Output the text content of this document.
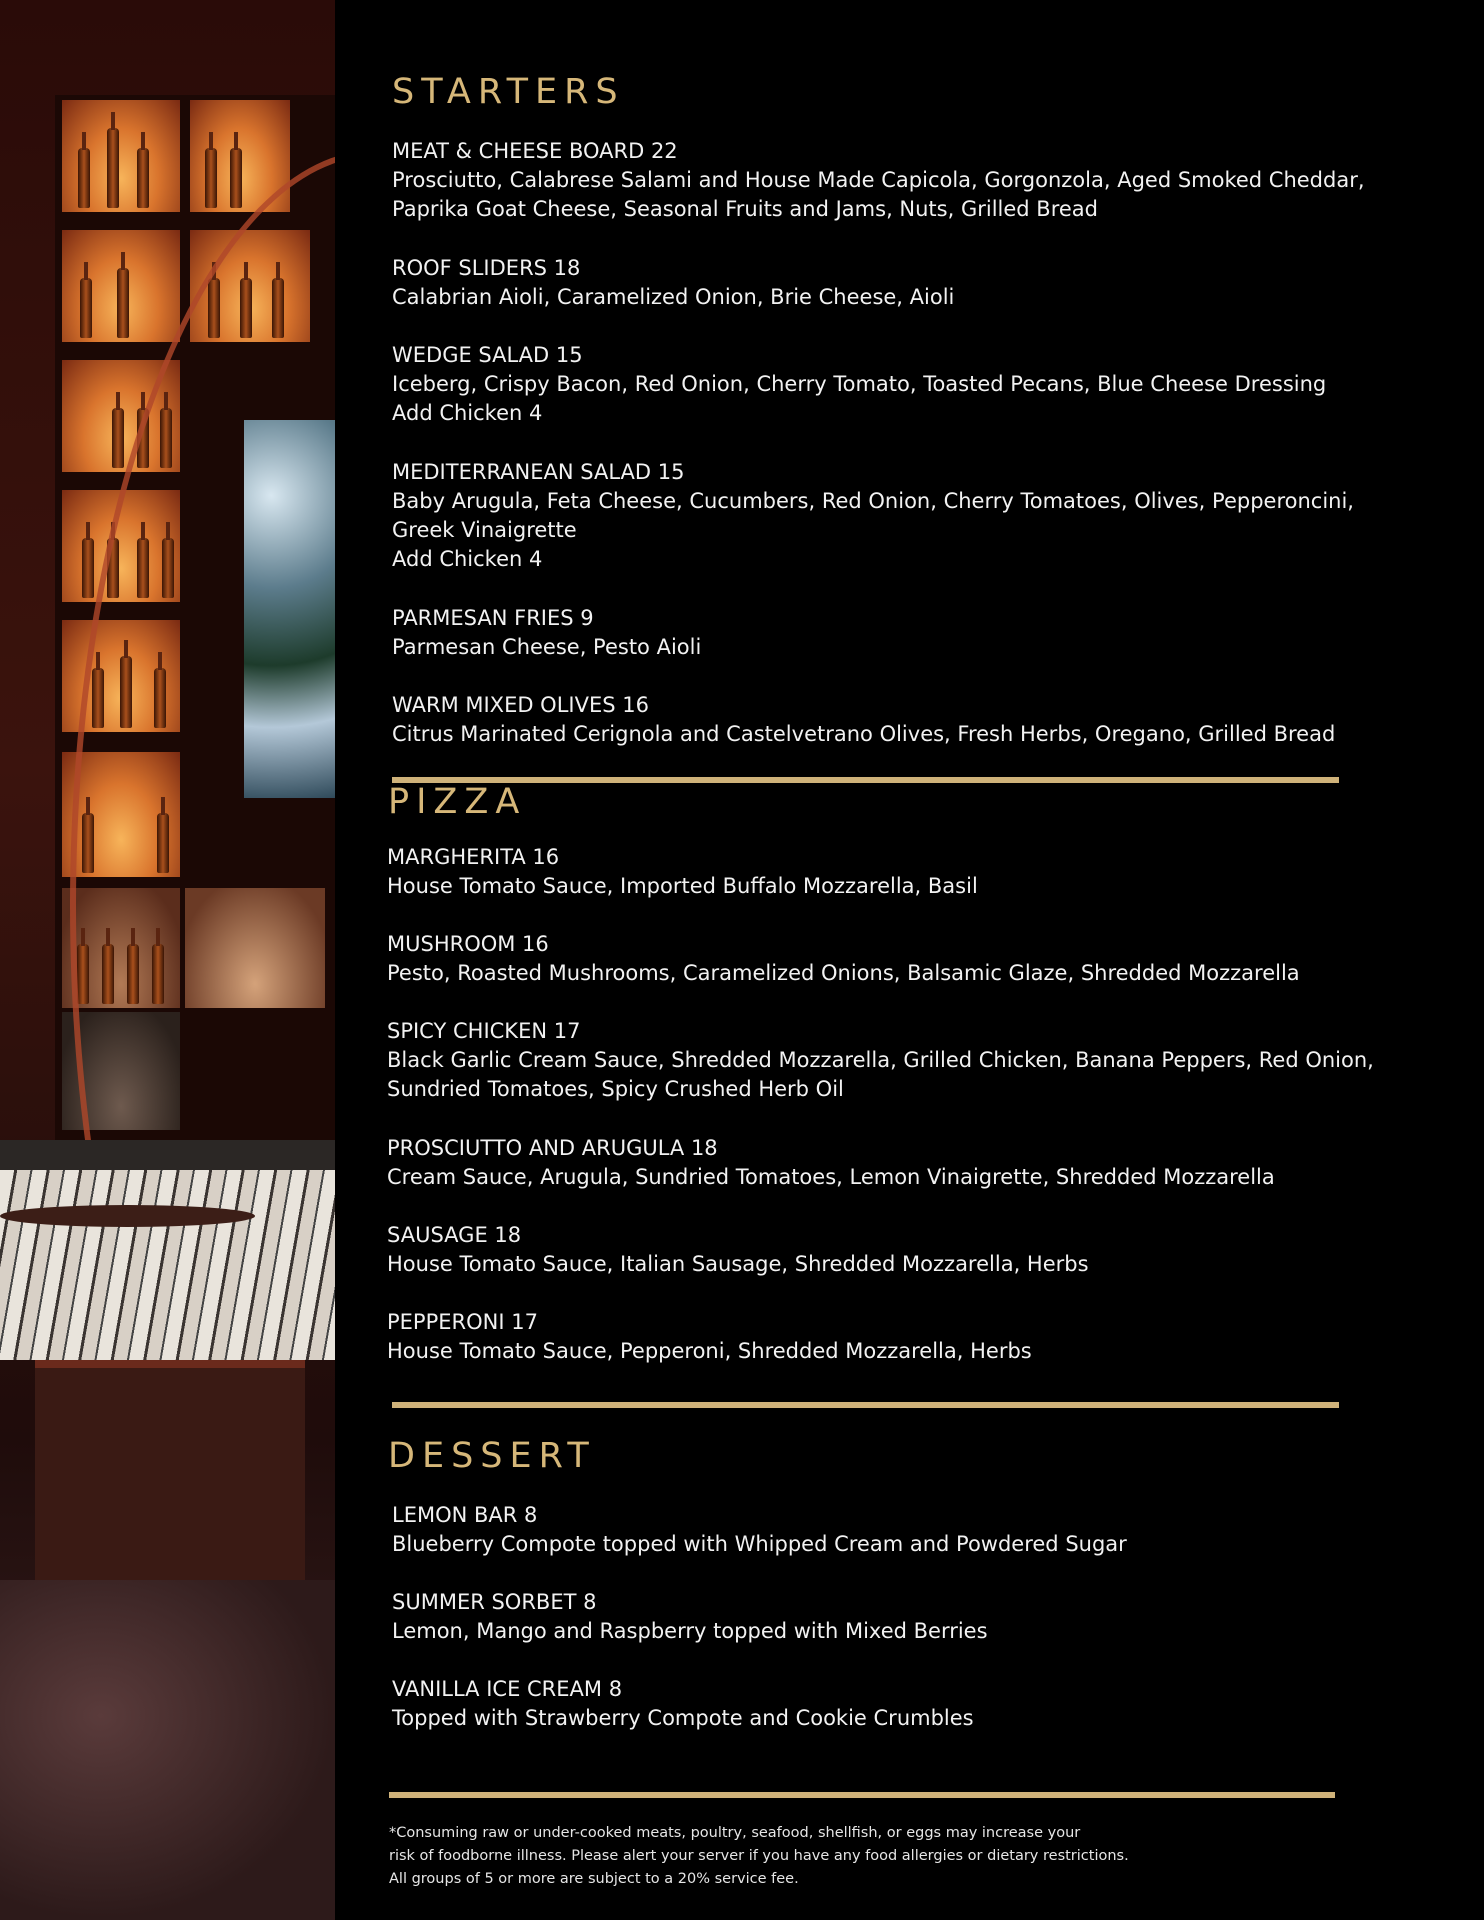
STARTERS
MEAT & CHEESE BOARD 22
Prosciutto, Calabrese Salami and House Made Capicola, Gorgonzola, Aged Smoked Cheddar,
Paprika Goat Cheese, Seasonal Fruits and Jams, Nuts, Grilled Bread
ROOF SLIDERS 18
Calabrian Aioli, Caramelized Onion, Brie Cheese, Aioli
WEDGE SALAD 15
Iceberg, Crispy Bacon, Red Onion, Cherry Tomato, Toasted Pecans, Blue Cheese Dressing
Add Chicken 4
MEDITERRANEAN SALAD 15
Baby Arugula, Feta Cheese, Cucumbers, Red Onion, Cherry Tomatoes, Olives, Pepperoncini,
Greek Vinaigrette
Add Chicken 4
PARMESAN FRIES 9
Parmesan Cheese, Pesto Aioli
WARM MIXED OLIVES 16
Citrus Marinated Cerignola and Castelvetrano Olives, Fresh Herbs, Oregano, Grilled Bread
PIZZA
MARGHERITA 16
House Tomato Sauce, Imported Buffalo Mozzarella, Basil
MUSHROOM 16
Pesto, Roasted Mushrooms, Caramelized Onions, Balsamic Glaze, Shredded Mozzarella
SPICY CHICKEN 17
Black Garlic Cream Sauce, Shredded Mozzarella, Grilled Chicken, Banana Peppers, Red Onion,
Sundried Tomatoes, Spicy Crushed Herb Oil
PROSCIUTTO AND ARUGULA 18
Cream Sauce, Arugula, Sundried Tomatoes, Lemon Vinaigrette, Shredded Mozzarella
SAUSAGE 18
House Tomato Sauce, Italian Sausage, Shredded Mozzarella, Herbs
PEPPERONI 17
House Tomato Sauce, Pepperoni, Shredded Mozzarella, Herbs
DESSERT
LEMON BAR 8
Blueberry Compote topped with Whipped Cream and Powdered Sugar
SUMMER SORBET 8
Lemon, Mango and Raspberry topped with Mixed Berries
VANILLA ICE CREAM 8
Topped with Strawberry Compote and Cookie Crumbles
*Consuming raw or under-cooked meats, poultry, seafood, shellfish, or eggs may increase your
risk of foodborne illness. Please alert your server if you have any food allergies or dietary restrictions.
All groups of 5 or more are subject to a 20% service fee.
